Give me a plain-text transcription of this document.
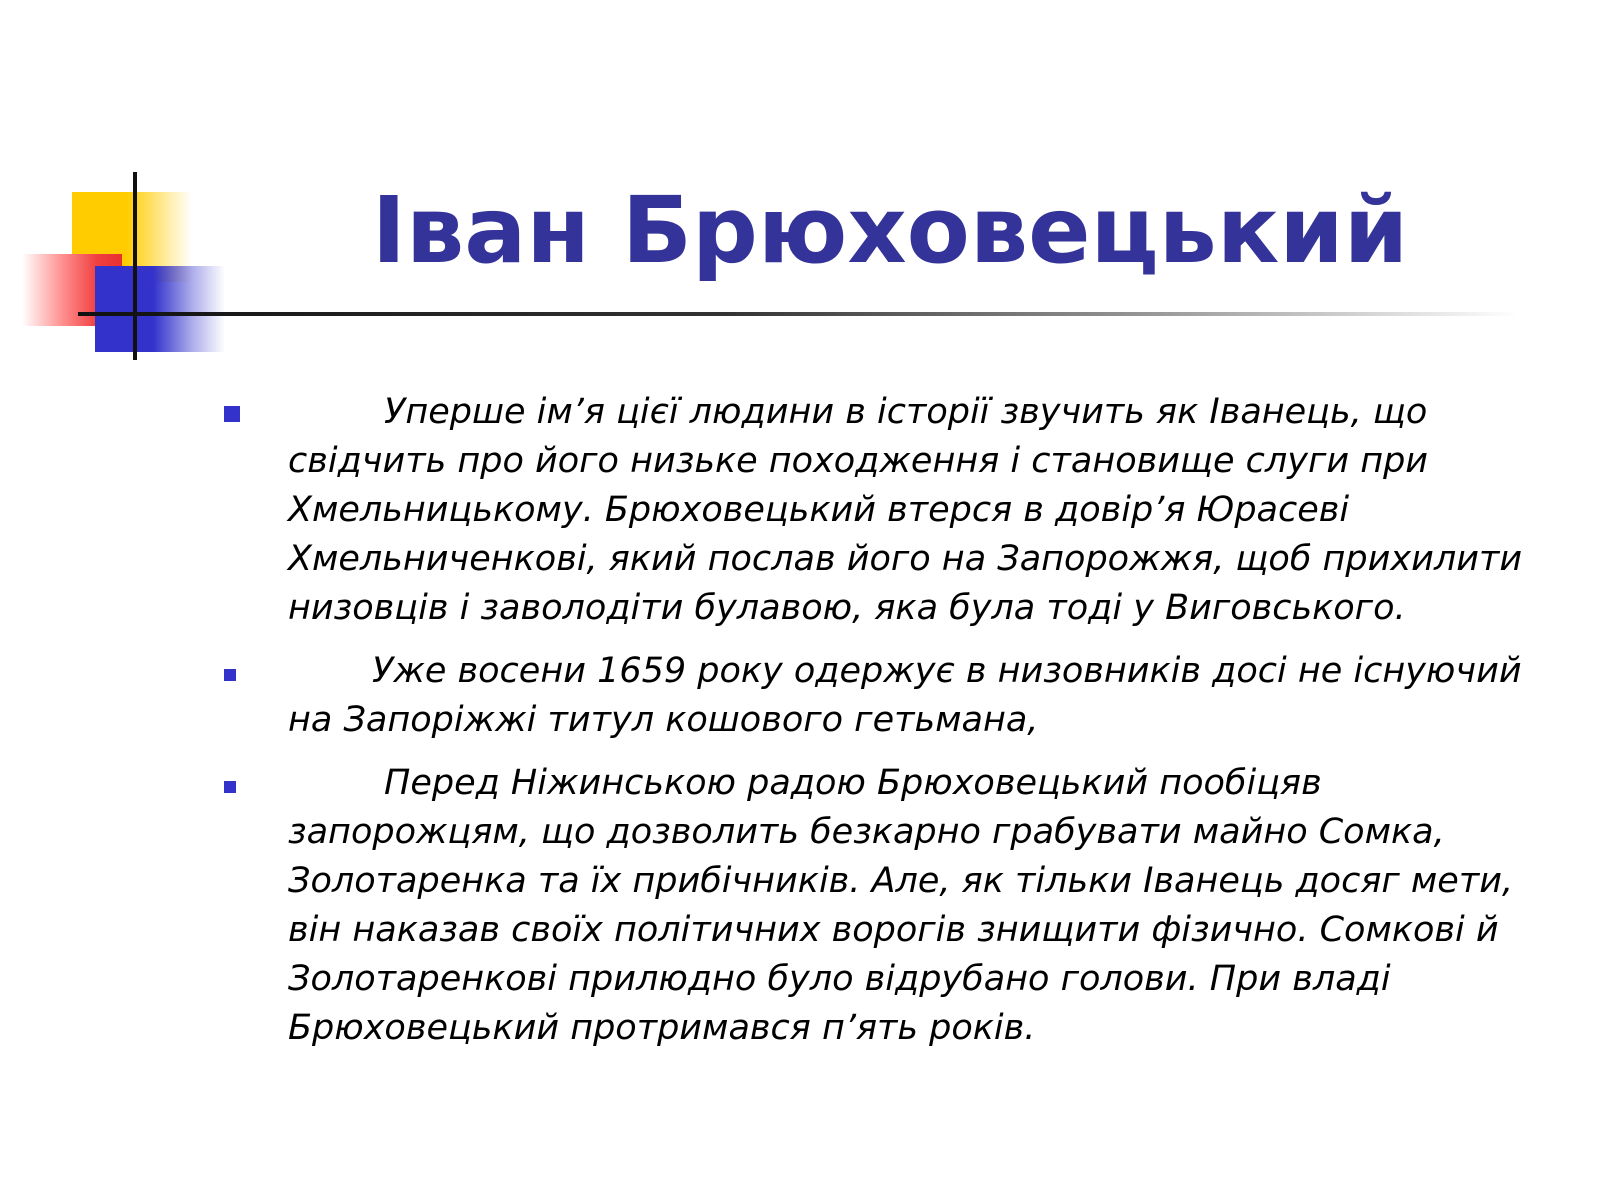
Іван Брюховецький

Уперше ім’я цієї людини в історії звучить як Іванець, що свідчить про його низьке походження і становище слуги при Хмельницькому. Брюховецький втерся в довір’я Юрасеві Хмельниченкові, який послав його на Запорожжя, щоб прихилити низовців і заволодіти булавою, яка була тоді у Виговського.

Уже восени 1659 року одержує в низовників досі не існуючий на Запоріжжі титул кошового гетьмана,

Перед Ніжинською радою Брюховецький пообіцяв запорожцям, що дозволить безкарно грабувати майно Сомка, Золотаренка та їх прибічників. Але, як тільки Іванець досяг мети, він наказав своїх політичних ворогів знищити фізично. Сомкові й Золотаренкові прилюдно було відрубано голови. При владі Брюховецький протримався п’ять років.
